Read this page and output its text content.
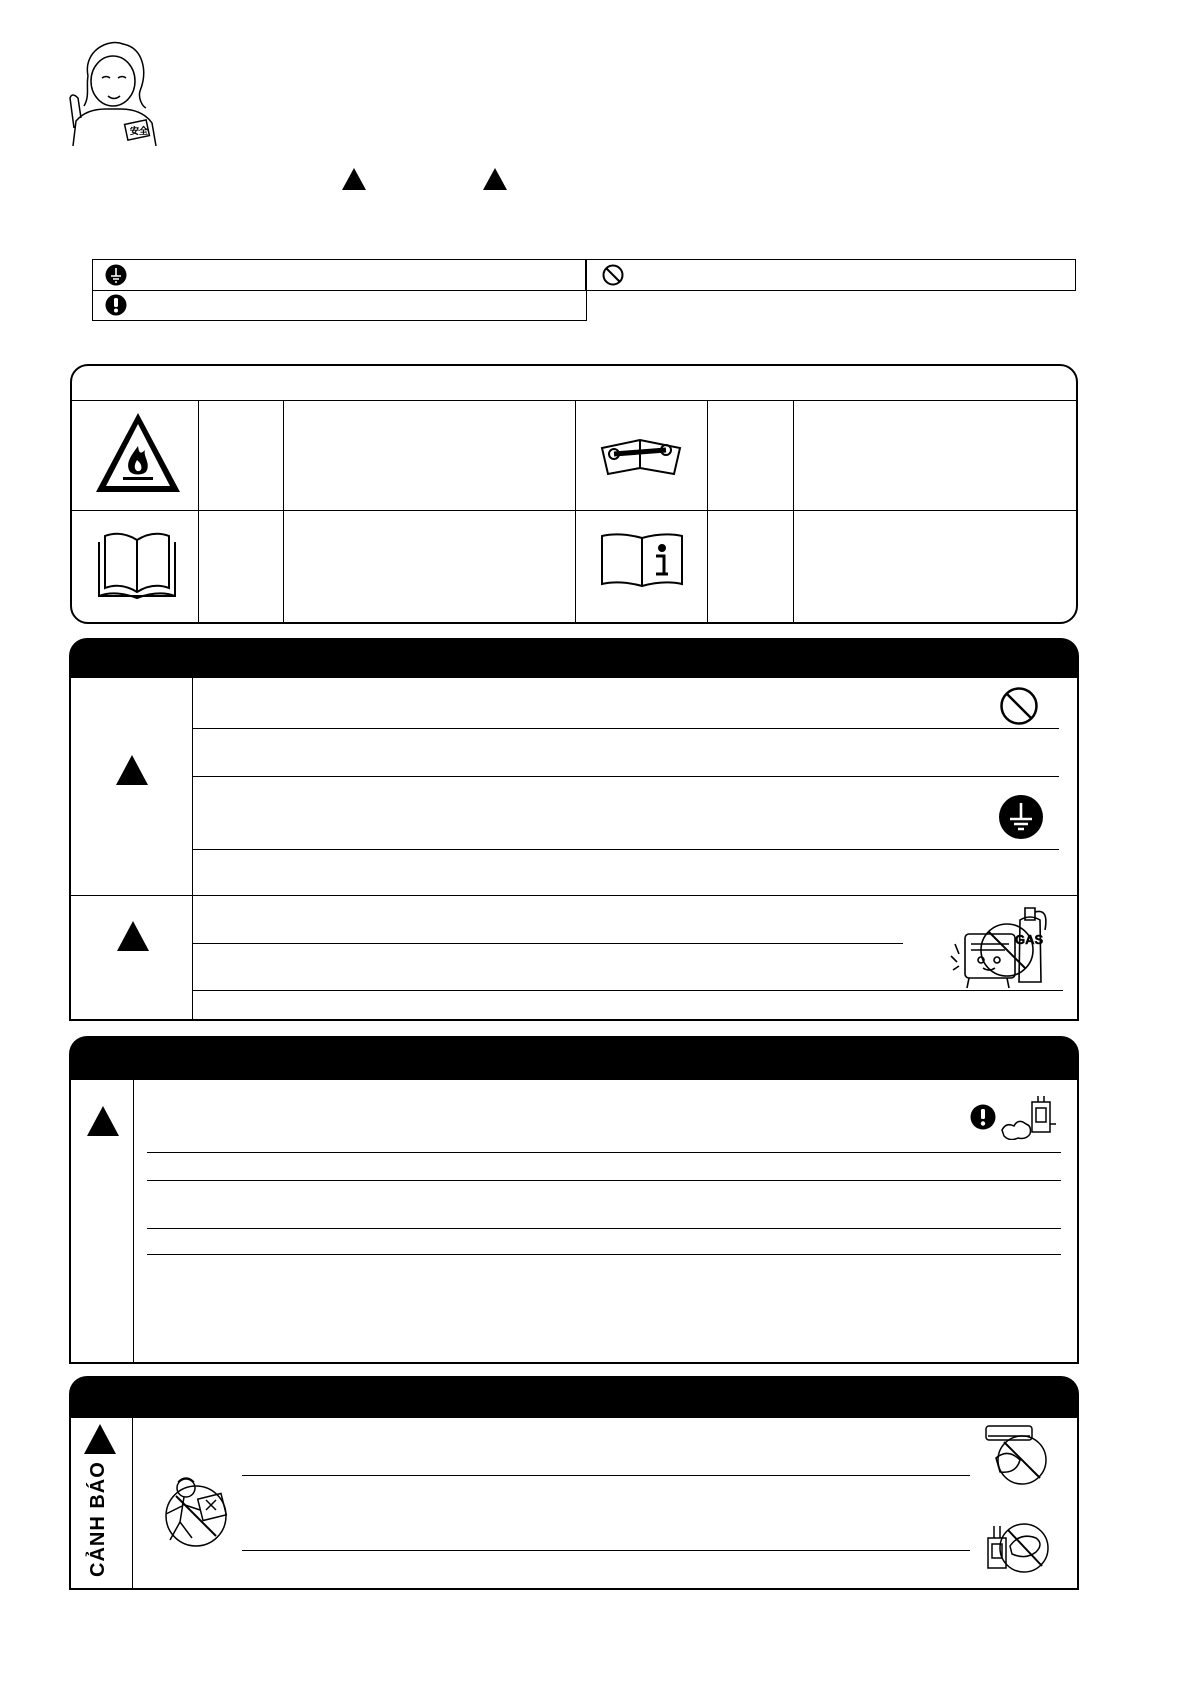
安全
GAS
CẢNH BÁO
